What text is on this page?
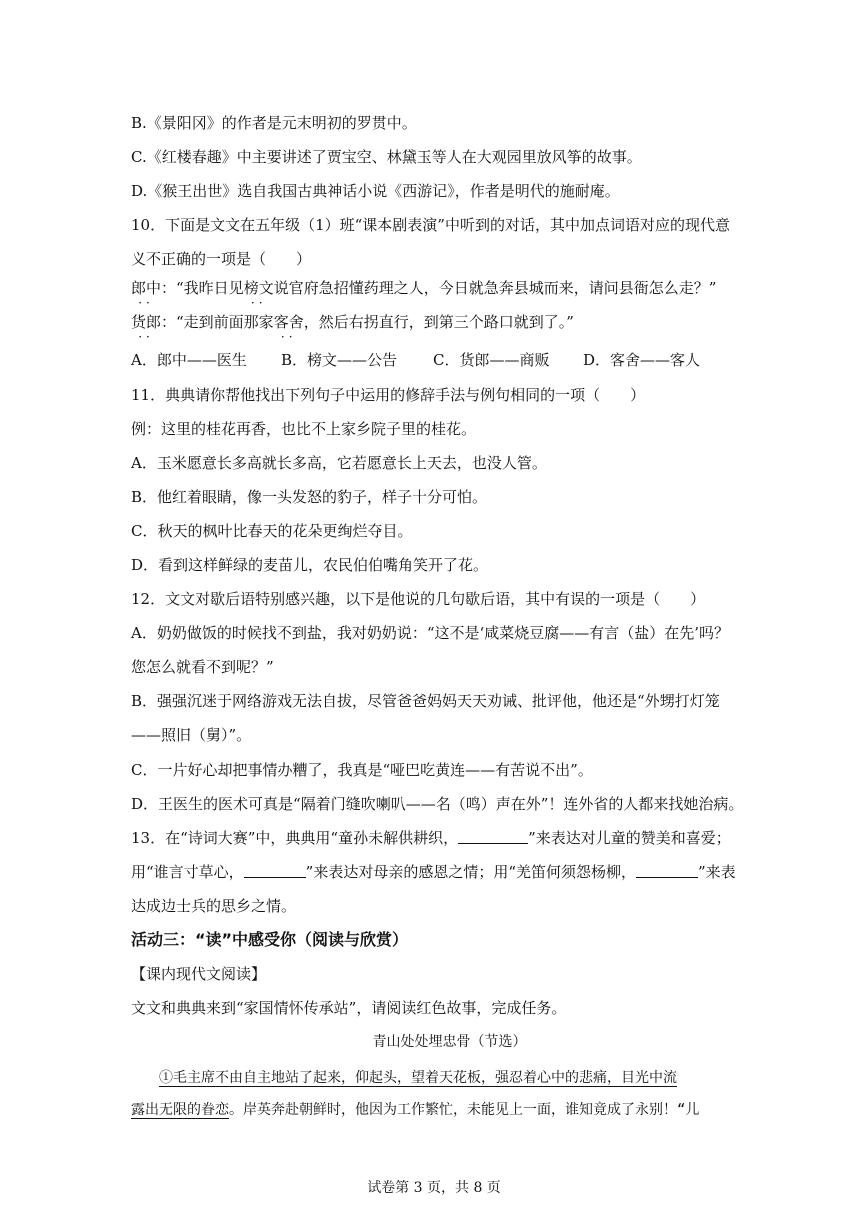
B.《景阳冈》的作者是元末明初的罗贯中。
C.《红楼春趣》中主要讲述了贾宝空、林黛玉等人在大观园里放风筝的故事。
D.《猴王出世》选自我国古典神话小说《西游记》，作者是明代的施耐庵。
10．下面是文文在五年级（1）班“课本剧表演”中听到的对话，其中加点词语对应的现代意
义不正确的一项是（　　）
郎中 ··：“我昨日见榜文 ··说官府急招懂药理之人，今日就急奔县城而来，请问县衙怎么走？”
货郎 ··：“走到前面那家客舍 ··，然后右拐直行，到第三个路口就到了。”
A．郎中——医生	B．榜文——公告	C．货郎——商贩	D．客舍——客人
11．典典请你帮他找出下列句子中运用的修辞手法与例句相同的一项（　　）
例：这里的桂花再香，也比不上家乡院子里的桂花。
A．玉米愿意长多高就长多高，它若愿意长上天去，也没人管。
B．他红着眼睛，像一头发怒的豹子，样子十分可怕。
C．秋天的枫叶比春天的花朵更绚烂夺目。
D．看到这样鲜绿的麦苗儿，农民伯伯嘴角笑开了花。
12．文文对歇后语特别感兴趣，以下是他说的几句歇后语，其中有误的一项是（　　）
A．奶奶做饭的时候找不到盐，我对奶奶说：“这不是‘咸菜烧豆腐——有言（盐）在先’吗？
您怎么就看不到呢？”
B．强强沉迷于网络游戏无法自拔，尽管爸爸妈妈天天劝诫、批评他，他还是“外甥打灯笼
——照旧（舅）”。
C．一片好心却把事情办糟了，我真是“哑巴吃黄连——有苦说不出”。
D．王医生的医术可真是“隔着门缝吹喇叭——名（鸣）声在外”！连外省的人都来找她治病。
13．在“诗词大赛”中，典典用“童孙未解供耕织，	”来表达对儿童的赞美和喜爱；
用“谁言寸草心，	”来表达对母亲的感恩之情；用“羌笛何须怨杨柳，	”来表
达成边士兵的思乡之情。
活动三：“读”中感受你（阅读与欣赏）
【课内现代文阅读】
文文和典典来到“家国情怀传承站”，请阅读红色故事，完成任务。
青山处处埋忠骨（节选）
①毛主席不由自主地站了起来，仰起头，望着天花板，强忍着心中的悲痛，目光中流
露出无限的眷恋。岸英奔赴朝鲜时，他因为工作繁忙，未能见上一面，谁知竟成了永别！“儿
试卷第 3 页，共 8 页
